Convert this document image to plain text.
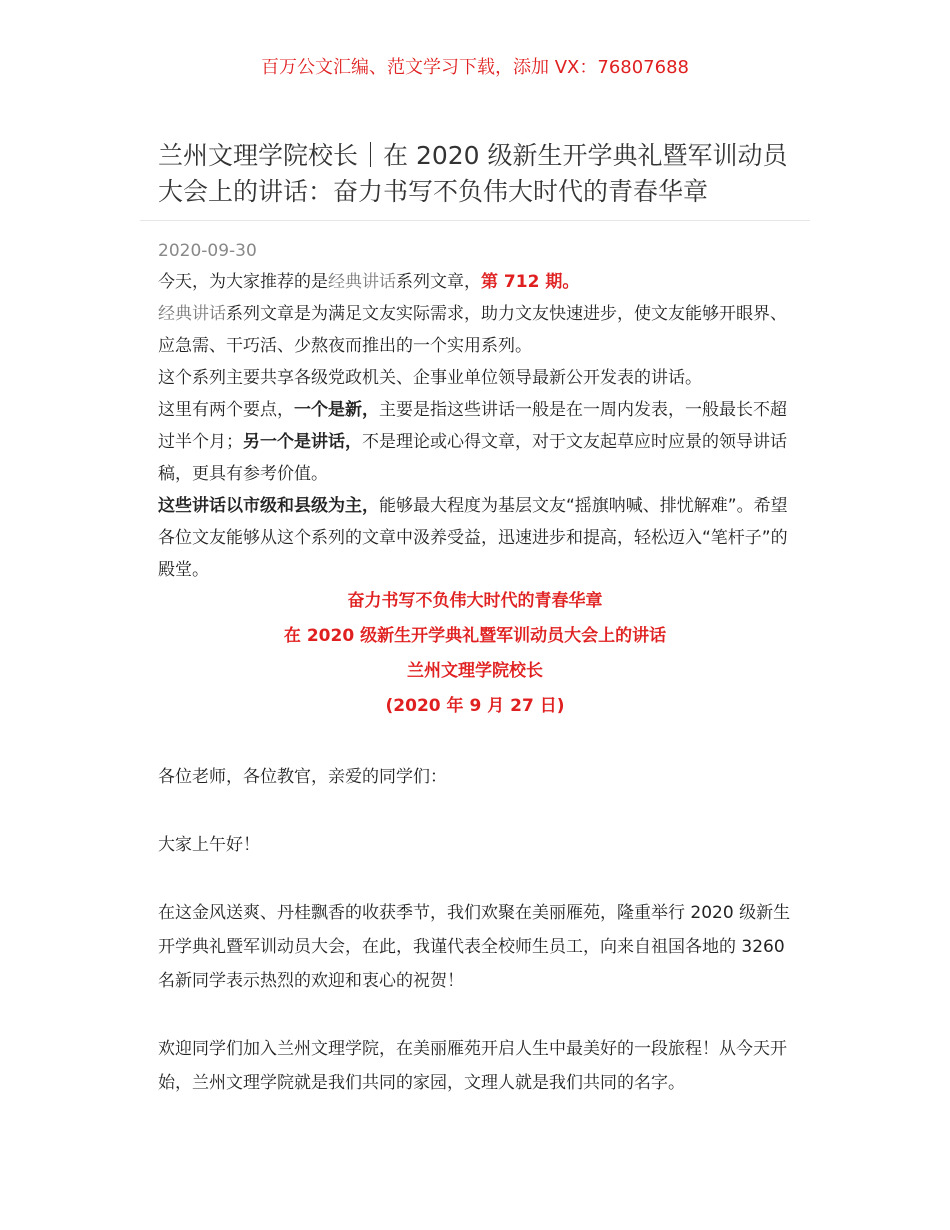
百万公文汇编、范文学习下载，添加 VX：76807688
兰州文理学院校长｜在 2020 级新生开学典礼暨军训动员大会上的讲话：奋力书写不负伟大时代的青春华章
2020-09-30

今天，为大家推荐的是经典讲话系列文章，第 712 期。

经典讲话系列文章是为满足文友实际需求，助力文友快速进步，使文友能够开眼界、应急需、干巧活、少熬夜而推出的一个实用系列。

这个系列主要共享各级党政机关、企事业单位领导最新公开发表的讲话。

这里有两个要点，一个是新，主要是指这些讲话一般是在一周内发表，一般最长不超过半个月；另一个是讲话，不是理论或心得文章，对于文友起草应时应景的领导讲话稿，更具有参考价值。

这些讲话以市级和县级为主，能够最大程度为基层文友“摇旗呐喊、排忧解难”。希望各位文友能够从这个系列的文章中汲养受益，迅速进步和提高，轻松迈入“笔杆子”的殿堂。

奋力书写不负伟大时代的青春华章
在 2020 级新生开学典礼暨军训动员大会上的讲话
兰州文理学院校长
(2020 年 9 月 27 日)

各位老师，各位教官，亲爱的同学们：

大家上午好！

在这金风送爽、丹桂飘香的收获季节，我们欢聚在美丽雁苑，隆重举行 2020 级新生开学典礼暨军训动员大会，在此，我谨代表全校师生员工，向来自祖国各地的 3260 名新同学表示热烈的欢迎和衷心的祝贺！

欢迎同学们加入兰州文理学院，在美丽雁苑开启人生中最美好的一段旅程！从今天开始，兰州文理学院就是我们共同的家园，文理人就是我们共同的名字。
